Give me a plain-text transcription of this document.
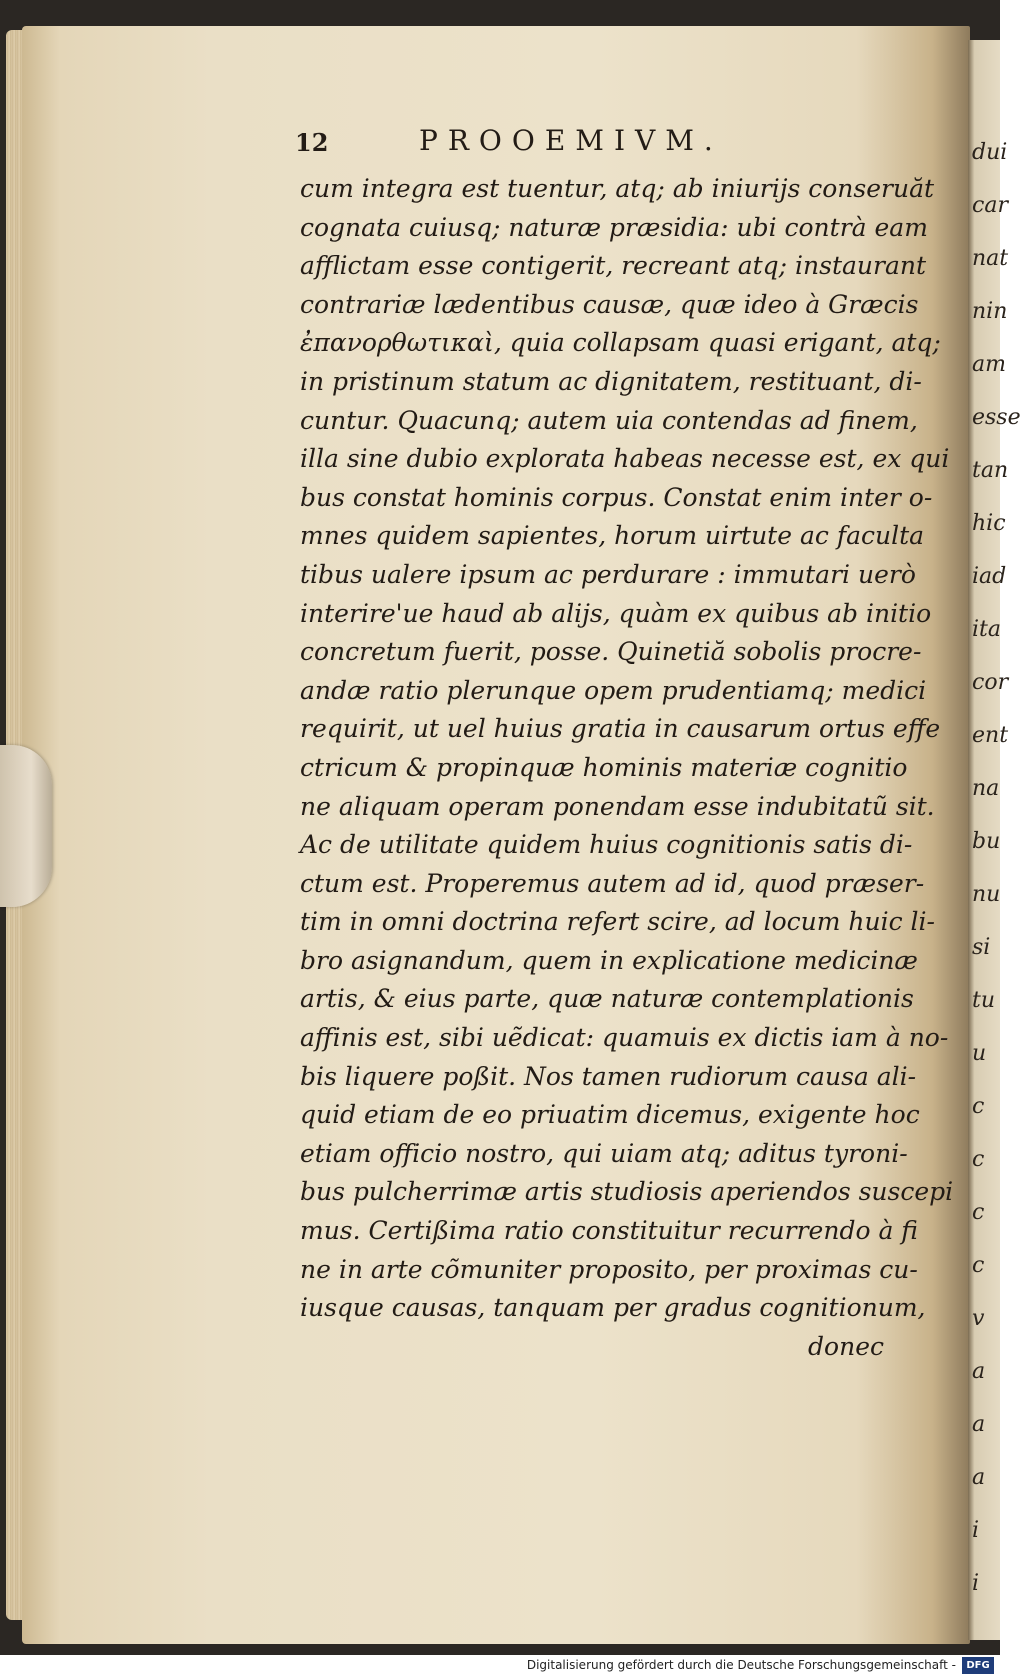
dui
car
nat
nin
am
esse
tan
hic
iad
ita
cor
ent
na
bu
nu
si
tu
u
c
c
c
c
v
a
a
a
i
i
12	PROOEMIVM.
cum integra est tuentur, atq; ab iniurijs conseruăt
cognata cuiusq; naturæ præsidia: ubi contrà eam
afflictam esse contigerit, recreant atq; instaurant
contrariæ lædentibus causæ, quæ ideo à Græcis
ἐπανορθωτικαὶ, quia collapsam quasi erigant, atq;
in pristinum statum ac dignitatem, restituant, di-
cuntur. Quacunq; autem uia contendas ad finem,
illa sine dubio explorata habeas necesse est, ex qui
bus constat hominis corpus. Constat enim inter o-
mnes quidem sapientes, horum uirtute ac faculta
tibus ualere ipsum ac perdurare : immutari uerò
interire'ue haud ab alijs, quàm ex quibus ab initio
concretum fuerit, posse. Quinetiă sobolis procre-
andæ ratio plerunque opem prudentiamq; medici
requirit, ut uel huius gratia in causarum ortus effe
ctricum & propinquæ hominis materiæ cognitio
ne aliquam operam ponendam esse indubitatũ sit.
Ac de utilitate quidem huius cognitionis satis di-
ctum est. Properemus autem ad id, quod præser-
tim in omni doctrina refert scire, ad locum huic li-
bro asignandum, quem in explicatione medicinæ
artis, & eius parte, quæ naturæ contemplationis
affinis est, sibi uẽdicat: quamuis ex dictis iam à no-
bis liquere poßit. Nos tamen rudiorum causa ali-
quid etiam de eo priuatim dicemus, exigente hoc
etiam officio nostro, qui uiam atq; aditus tyroni-
bus pulcherrimæ artis studiosis aperiendos suscepi
mus. Certißima ratio constituitur recurrendo à fi
ne in arte cõmuniter proposito, per proximas cu-
iusque causas, tanquam per gradus cognitionum,
donec
Digitalisierung gefördert durch die Deutsche Forschungsgemeinschaft -	DFG
